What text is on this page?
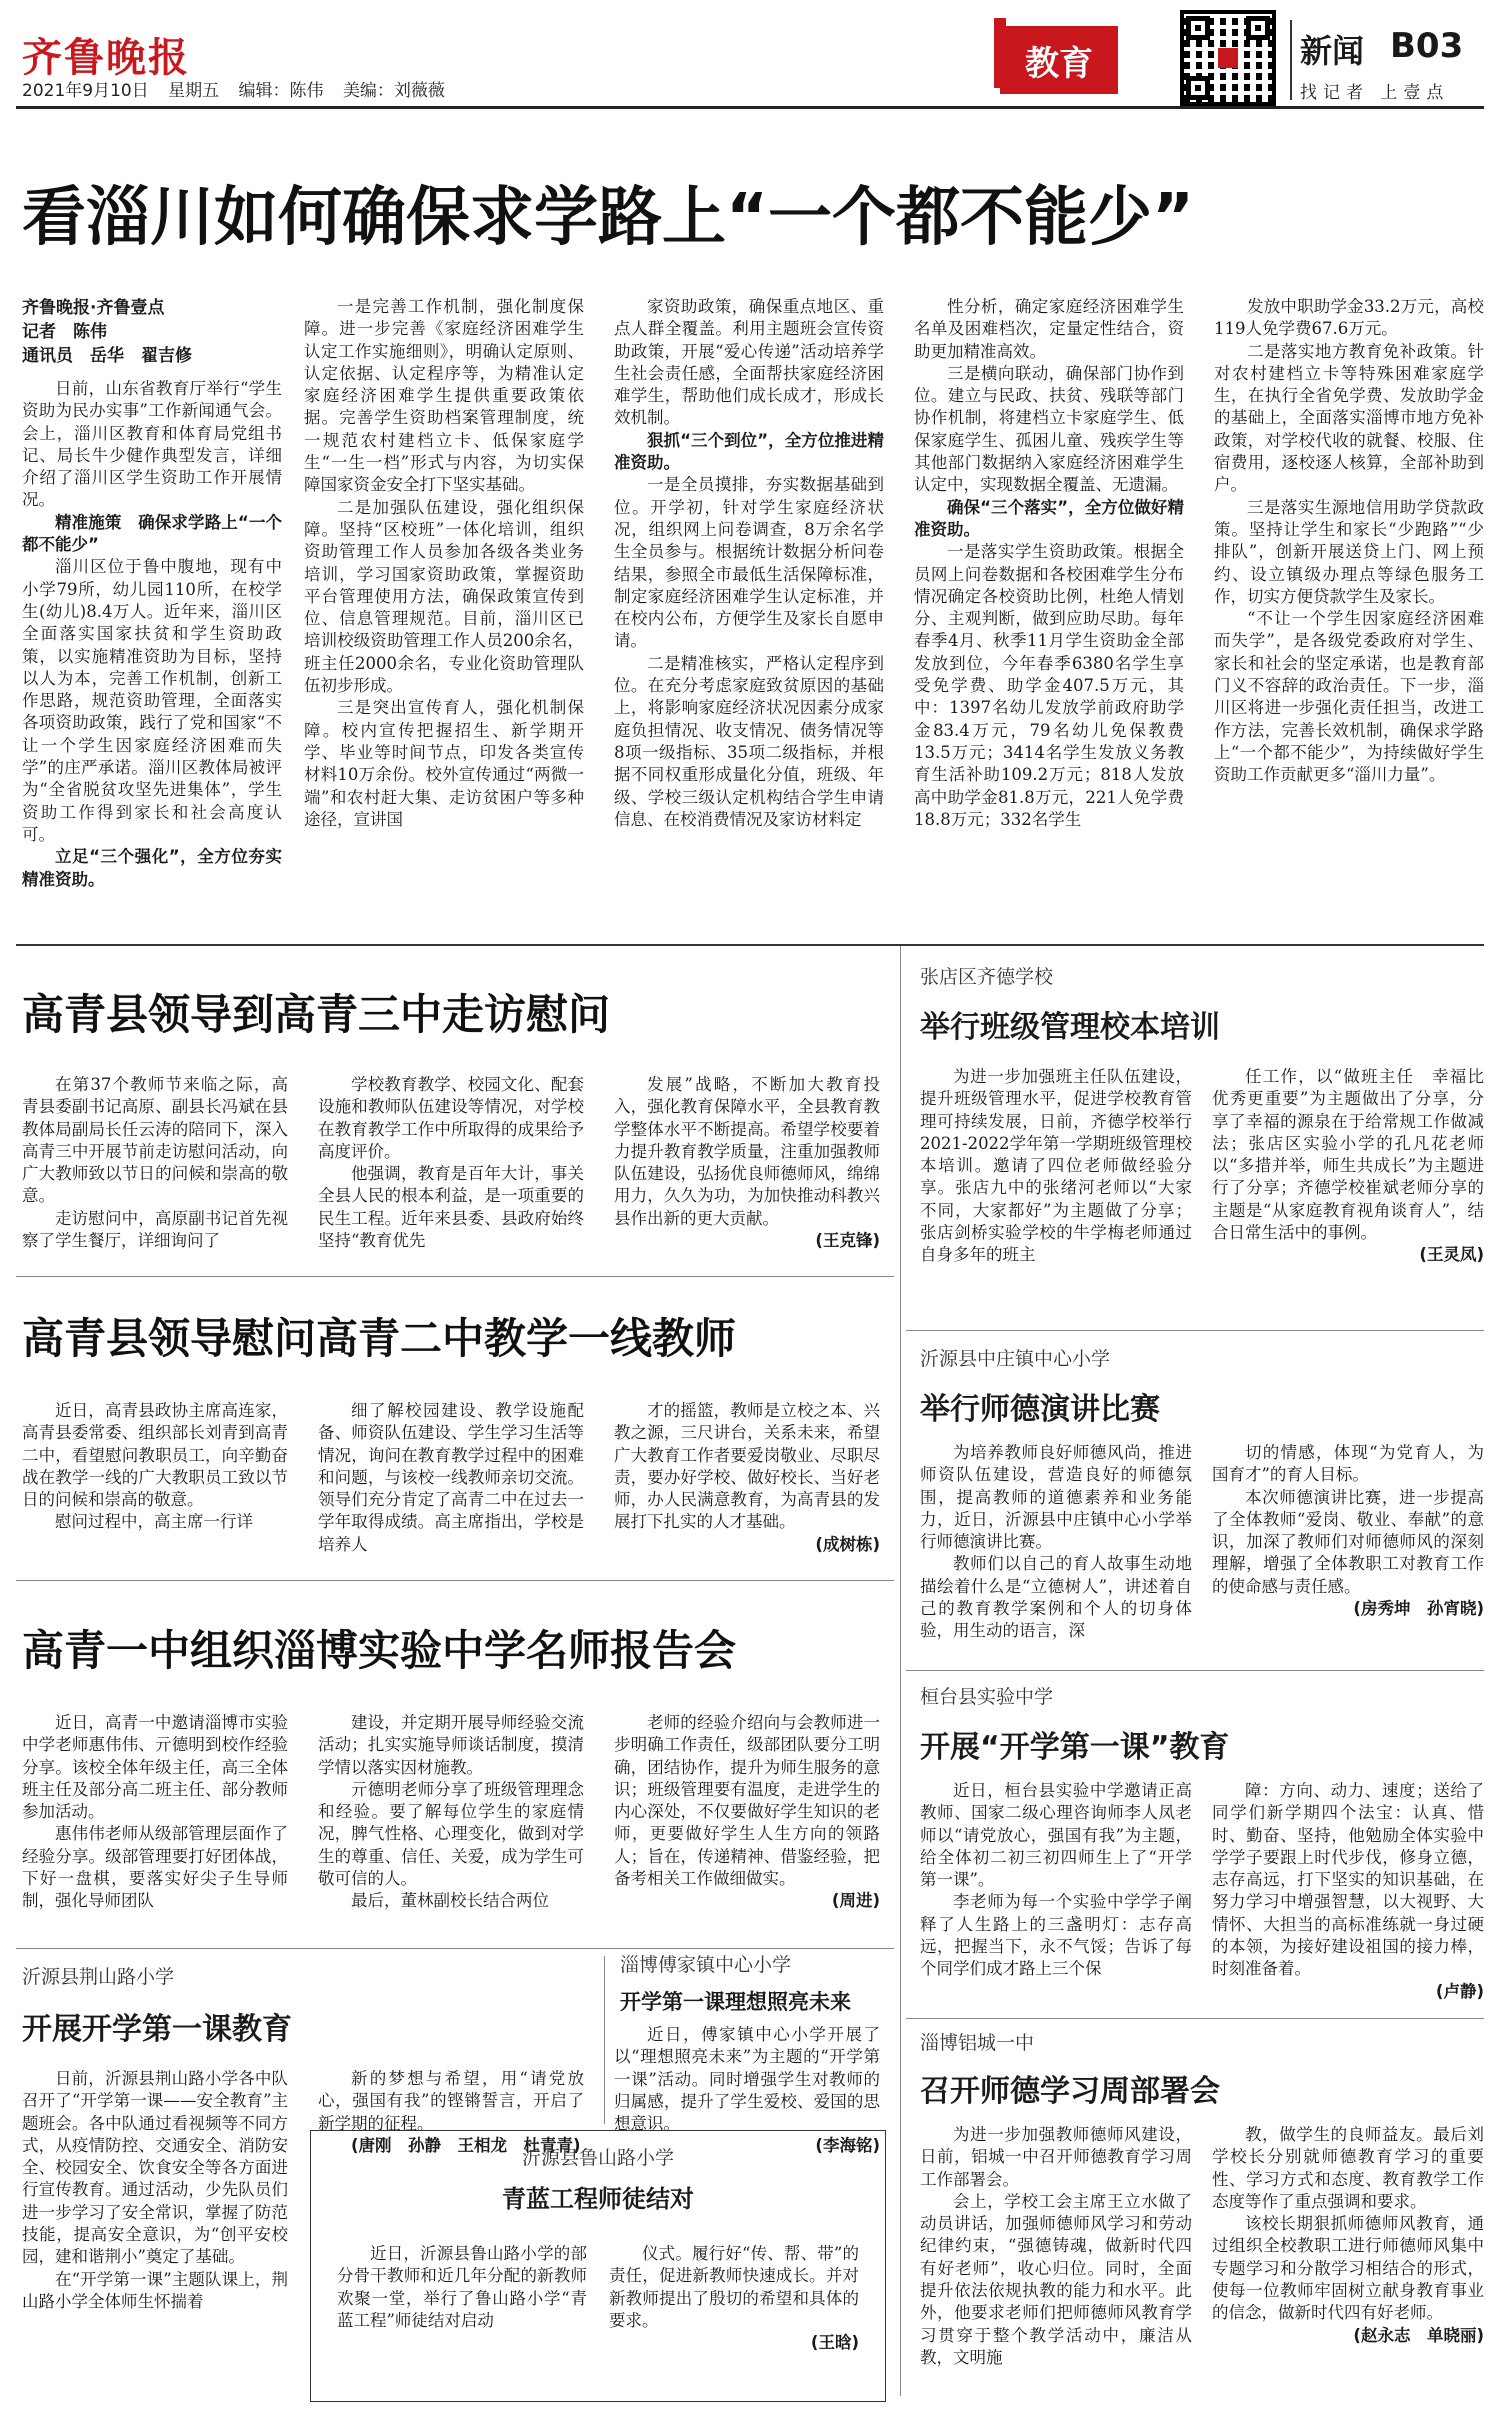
齐鲁晚报
2021年9月10日 星期五 编辑：陈伟 美编：刘薇薇
教育	新闻 B03
找记者 上壹点
看淄川如何确保求学路上“一个都不能少”
齐鲁晚报·齐鲁壹点
记者　陈伟
通讯员　岳华　翟吉修

日前，山东省教育厅举行“学生资助为民办实事”工作新闻通气会。会上，淄川区教育和体育局党组书记、局长牛少健作典型发言，详细介绍了淄川区学生资助工作开展情况。

精准施策　确保求学路上“一个都不能少”

淄川区位于鲁中腹地，现有中小学79所，幼儿园110所，在校学生(幼儿)8.4万人。近年来，淄川区全面落实国家扶贫和学生资助政策，以实施精准资助为目标，坚持以人为本，完善工作机制，创新工作思路，规范资助管理，全面落实各项资助政策，践行了党和国家“不让一个学生因家庭经济困难而失学”的庄严承诺。淄川区教体局被评为“全省脱贫攻坚先进集体”，学生资助工作得到家长和社会高度认可。

立足“三个强化”，全方位夯实精准资助。

一是完善工作机制，强化制度保障。进一步完善《家庭经济困难学生认定工作实施细则》，明确认定原则、认定依据、认定程序等，为精准认定家庭经济困难学生提供重要政策依据。完善学生资助档案管理制度，统一规范农村建档立卡、低保家庭学生“一生一档”形式与内容，为切实保障国家资金安全打下坚实基础。

二是加强队伍建设，强化组织保障。坚持“区校班”一体化培训，组织资助管理工作人员参加各级各类业务培训，学习国家资助政策，掌握资助平台管理使用方法，确保政策宣传到位、信息管理规范。目前，淄川区已培训校级资助管理工作人员200余名，班主任2000余名，专业化资助管理队伍初步形成。

三是突出宣传育人，强化机制保障。校内宣传把握招生、新学期开学、毕业等时间节点，印发各类宣传材料10万余份。校外宣传通过“两微一端”和农村赶大集、走访贫困户等多种途径，宣讲国

家资助政策，确保重点地区、重点人群全覆盖。利用主题班会宣传资助政策，开展“爱心传递”活动培养学生社会责任感，全面帮扶家庭经济困难学生，帮助他们成长成才，形成长效机制。

狠抓“三个到位”，全方位推进精准资助。

一是全员摸排，夯实数据基础到位。开学初，针对学生家庭经济状况，组织网上问卷调查，8万余名学生全员参与。根据统计数据分析问卷结果，参照全市最低生活保障标准，制定家庭经济困难学生认定标准，并在校内公布，方便学生及家长自愿申请。

二是精准核实，严格认定程序到位。在充分考虑家庭致贫原因的基础上，将影响家庭经济状况因素分成家庭负担情况、收支情况、债务情况等8项一级指标、35项二级指标，并根据不同权重形成量化分值，班级、年级、学校三级认定机构结合学生申请信息、在校消费情况及家访材料定

性分析，确定家庭经济困难学生名单及困难档次，定量定性结合，资助更加精准高效。

三是横向联动，确保部门协作到位。建立与民政、扶贫、残联等部门协作机制，将建档立卡家庭学生、低保家庭学生、孤困儿童、残疾学生等其他部门数据纳入家庭经济困难学生认定中，实现数据全覆盖、无遗漏。

确保“三个落实”，全方位做好精准资助。

一是落实学生资助政策。根据全员网上问卷数据和各校困难学生分布情况确定各校资助比例，杜绝人情划分、主观判断，做到应助尽助。每年春季4月、秋季11月学生资助金全部发放到位，今年春季6380名学生享受免学费、助学金407.5万元，其中：1397名幼儿发放学前政府助学金83.4万元，79名幼儿免保教费13.5万元；3414名学生发放义务教育生活补助109.2万元；818人发放高中助学金81.8万元，221人免学费18.8万元；332名学生

发放中职助学金33.2万元，高校119人免学费67.6万元。

二是落实地方教育免补政策。针对农村建档立卡等特殊困难家庭学生，在执行全省免学费、发放助学金的基础上，全面落实淄博市地方免补政策，对学校代收的就餐、校服、住宿费用，逐校逐人核算，全部补助到户。

三是落实生源地信用助学贷款政策。坚持让学生和家长“少跑路”“少排队”，创新开展送贷上门、网上预约、设立镇级办理点等绿色服务工作，切实方便贷款学生及家长。

“不让一个学生因家庭经济困难而失学”，是各级党委政府对学生、家长和社会的坚定承诺，也是教育部门义不容辞的政治责任。下一步，淄川区将进一步强化责任担当，改进工作方法，完善长效机制，确保求学路上“一个都不能少”，为持续做好学生资助工作贡献更多“淄川力量”。

高青县领导到高青三中走访慰问

在第37个教师节来临之际，高青县委副书记高原、副县长冯斌在县教体局副局长任云涛的陪同下，深入高青三中开展节前走访慰问活动，向广大教师致以节日的问候和崇高的敬意。

走访慰问中，高原副书记首先视察了学生餐厅，详细询问了

学校教育教学、校园文化、配套设施和教师队伍建设等情况，对学校在教育教学工作中所取得的成果给予高度评价。

他强调，教育是百年大计，事关全县人民的根本利益，是一项重要的民生工程。近年来县委、县政府始终坚持“教育优先

发展”战略，不断加大教育投入，强化教育保障水平，全县教育教学整体水平不断提高。希望学校要着力提升教育教学质量，注重加强教师队伍建设，弘扬优良师德师风，绵绵用力，久久为功，为加快推动科教兴县作出新的更大贡献。

(王克锋)
高青县领导慰问高青二中教学一线教师

近日，高青县政协主席高连家，高青县委常委、组织部长刘青到高青二中，看望慰问教职员工，向辛勤奋战在教学一线的广大教职员工致以节日的问候和崇高的敬意。

慰问过程中，高主席一行详

细了解校园建设、教学设施配备、师资队伍建设、学生学习生活等情况，询问在教育教学过程中的困难和问题，与该校一线教师亲切交流。领导们充分肯定了高青二中在过去一学年取得成绩。高主席指出，学校是培养人

才的摇篮，教师是立校之本、兴教之源，三尺讲台，关系未来，希望广大教育工作者要爱岗敬业、尽职尽责，要办好学校、做好校长、当好老师，办人民满意教育，为高青县的发展打下扎实的人才基础。

(成树栋)
高青一中组织淄博实验中学名师报告会

近日，高青一中邀请淄博市实验中学老师惠伟伟、亓德明到校作经验分享。该校全体年级主任，高三全体班主任及部分高二班主任、部分教师参加活动。

惠伟伟老师从级部管理层面作了经验分享。级部管理要打好团体战，下好一盘棋，要落实好尖子生导师制，强化导师团队

建设，并定期开展导师经验交流活动；扎实实施导师谈话制度，摸清学情以落实因材施教。

亓德明老师分享了班级管理理念和经验。要了解每位学生的家庭情况，脾气性格、心理变化，做到对学生的尊重、信任、关爱，成为学生可敬可信的人。

最后，董林副校长结合两位

老师的经验介绍向与会教师进一步明确工作责任，级部团队要分工明确，团结协作，提升为师生服务的意识；班级管理要有温度，走进学生的内心深处，不仅要做好学生知识的老师，更要做好学生人生方向的领路人；旨在，传递精神、借鉴经验，把备考相关工作做细做实。

(周进)
沂源县荆山路小学
开展开学第一课教育

日前，沂源县荆山路小学各中队召开了“开学第一课——安全教育”主题班会。各中队通过看视频等不同方式，从疫情防控、交通安全、消防安全、校园安全、饮食安全等各方面进行宣传教育。通过活动，少先队员们进一步学习了安全常识，掌握了防范技能，提高安全意识，为“创平安校园，建和谐荆小”奠定了基础。

在“开学第一课”主题队课上，荆山路小学全体师生怀揣着

新的梦想与希望，用“请党放心，强国有我”的铿锵誓言，开启了新学期的征程。

(唐刚　孙静　王相龙　杜青青)
淄博傅家镇中心小学
开学第一课理想照亮未来

近日，傅家镇中心小学开展了以“理想照亮未来”为主题的“开学第一课”活动。同时增强学生对教师的归属感，提升了学生爱校、爱国的思想意识。

(李海铭)
沂源县鲁山路小学
青蓝工程师徒结对

近日，沂源县鲁山路小学的部分骨干教师和近几年分配的新教师欢聚一堂，举行了鲁山路小学“青蓝工程”师徒结对启动

仪式。履行好“传、帮、带”的责任，促进新教师快速成长。并对新教师提出了殷切的希望和具体的要求。

(王晗)
张店区齐德学校
举行班级管理校本培训

为进一步加强班主任队伍建设，提升班级管理水平，促进学校教育管理可持续发展，日前，齐德学校举行2021-2022学年第一学期班级管理校本培训。邀请了四位老师做经验分享。张店九中的张绪河老师以“大家不同，大家都好”为主题做了分享；张店剑桥实验学校的牛学梅老师通过自身多年的班主

任工作，以“做班主任　幸福比优秀更重要”为主题做出了分享，分享了幸福的源泉在于给常规工作做减法；张店区实验小学的孔凡花老师以“多措并举，师生共成长”为主题进行了分享；齐德学校崔斌老师分享的主题是“从家庭教育视角谈育人”，结合日常生活中的事例。

(王灵凤)
沂源县中庄镇中心小学
举行师德演讲比赛

为培养教师良好师德风尚，推进师资队伍建设，营造良好的师德氛围，提高教师的道德素养和业务能力，近日，沂源县中庄镇中心小学举行师德演讲比赛。

教师们以自己的育人故事生动地描绘着什么是“立德树人”，讲述着自己的教育教学案例和个人的切身体验，用生动的语言，深

切的情感，体现“为党育人，为国育才”的育人目标。

本次师德演讲比赛，进一步提高了全体教师“爱岗、敬业、奉献”的意识，加深了教师们对师德师风的深刻理解，增强了全体教职工对教育工作的使命感与责任感。

(房秀坤　孙宵晓)
桓台县实验中学
开展“开学第一课”教育

近日，桓台县实验中学邀请正高教师、国家二级心理咨询师李人凤老师以“请党放心，强国有我”为主题，给全体初二初三初四师生上了“开学第一课”。

李老师为每一个实验中学学子阐释了人生路上的三盏明灯：志存高远，把握当下，永不气馁；告诉了每个同学们成才路上三个保

障：方向、动力、速度；送给了同学们新学期四个法宝：认真、惜时、勤奋、坚持，他勉励全体实验中学学子要跟上时代步伐，修身立德，志存高远，打下坚实的知识基础，在努力学习中增强智慧，以大视野、大情怀、大担当的高标准练就一身过硬的本领，为接好建设祖国的接力棒，时刻准备着。

(卢静)
淄博铝城一中
召开师德学习周部署会

为进一步加强教师德师风建设，日前，铝城一中召开师德教育学习周工作部署会。

会上，学校工会主席王立水做了动员讲话，加强师德师风学习和劳动纪律约束，“强德铸魂，做新时代四有好老师”，收心归位。同时，全面提升依法依规执教的能力和水平。此外，他要求老师们把师德师风教育学习贯穿于整个教学活动中，廉洁从教，文明施

教，做学生的良师益友。最后刘学校长分别就师德教育学习的重要性、学习方式和态度、教育教学工作态度等作了重点强调和要求。

该校长期狠抓师德师风教育，通过组织全校教职工进行师德师风集中专题学习和分散学习相结合的形式，使每一位教师牢固树立献身教育事业的信念，做新时代四有好老师。

(赵永志　单晓丽)
